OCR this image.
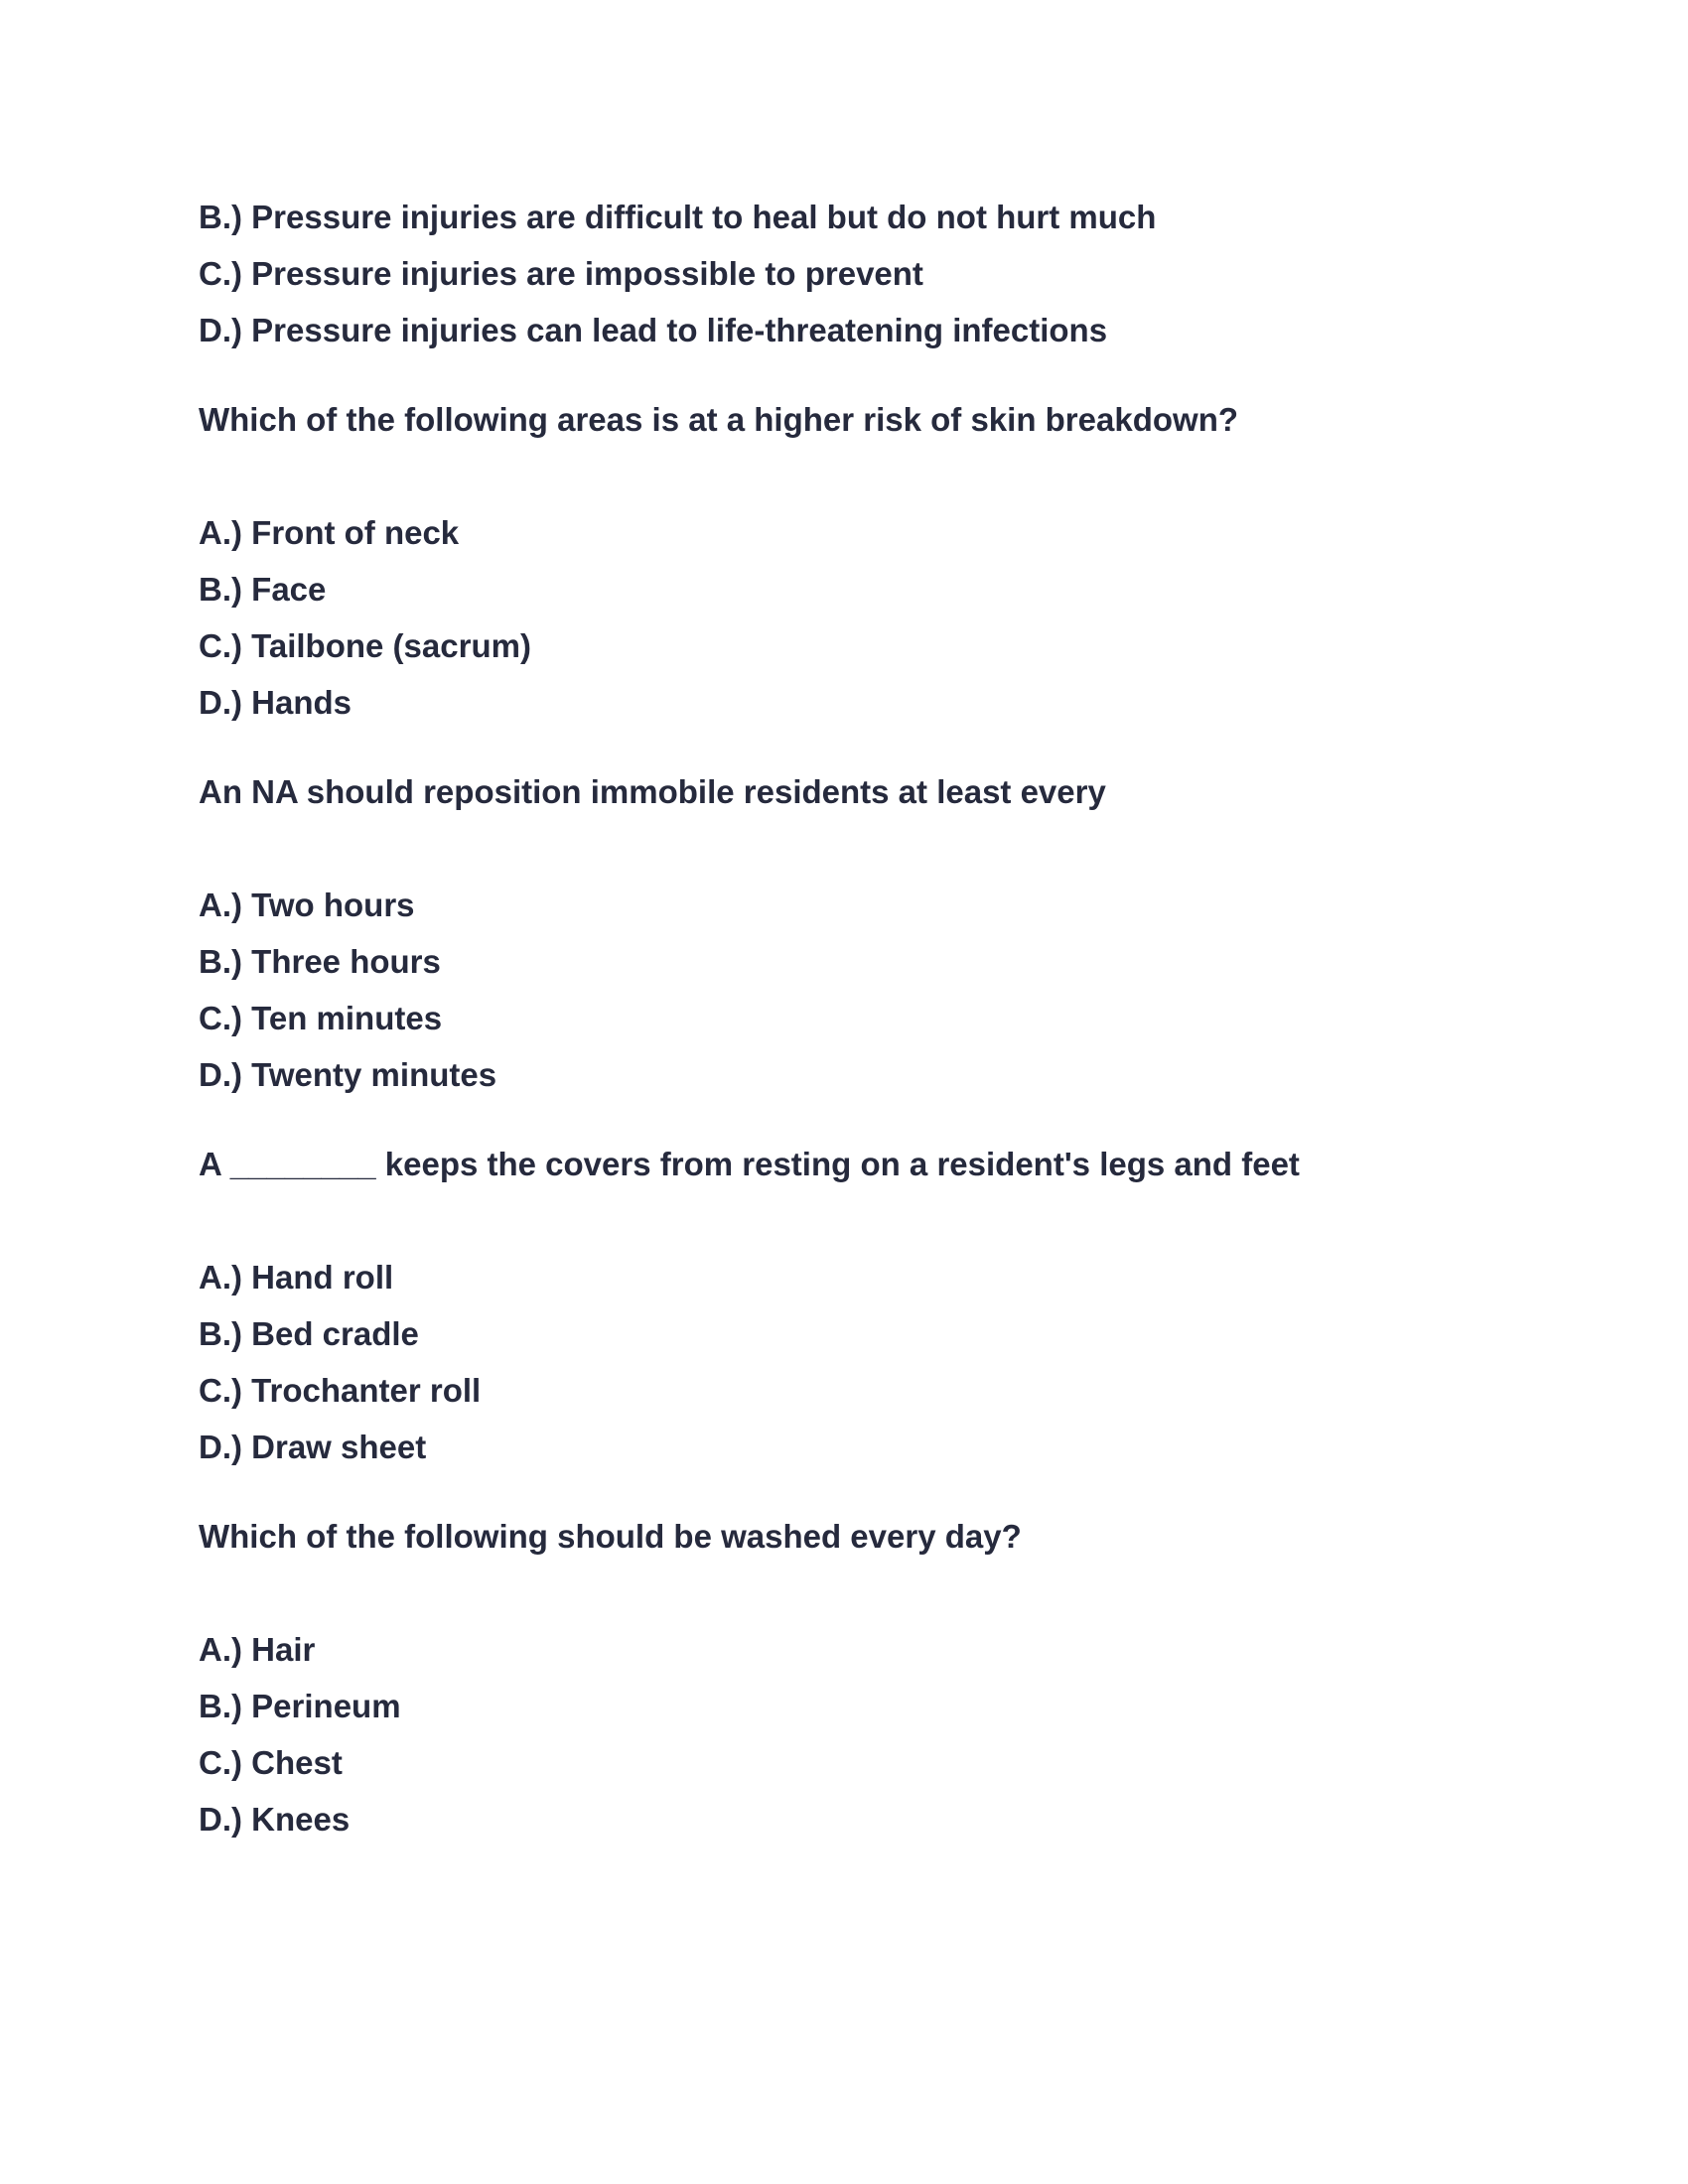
B.) Pressure injuries are difficult to heal but do not hurt much
C.) Pressure injuries are impossible to prevent
D.) Pressure injuries can lead to life-threatening infections
Which of the following areas is at a higher risk of skin breakdown?
A.) Front of neck
B.) Face
C.) Tailbone (sacrum)
D.) Hands
An NA should reposition immobile residents at least every
A.) Two hours
B.) Three hours
C.) Ten minutes
D.) Twenty minutes
A ________ keeps the covers from resting on a resident's legs and feet
A.) Hand roll
B.) Bed cradle
C.) Trochanter roll
D.) Draw sheet
Which of the following should be washed every day?
A.) Hair
B.) Perineum
C.) Chest
D.) Knees
